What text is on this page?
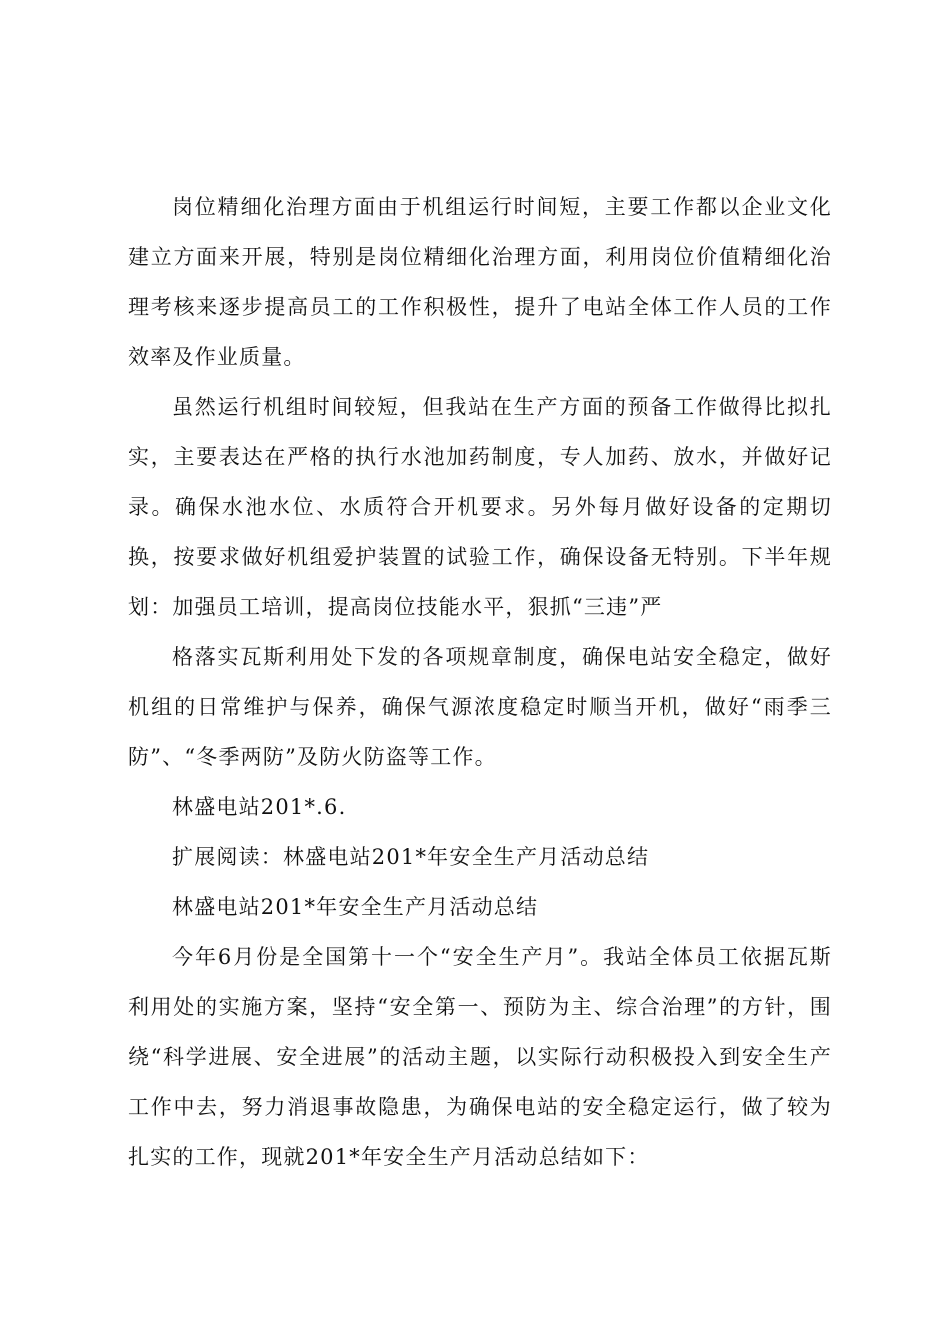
岗位精细化治理方面由于机组运行时间短，主要工作都以企业文化建立方面来开展，特别是岗位精细化治理方面，利用岗位价值精细化治理考核来逐步提高员工的工作积极性，提升了电站全体工作人员的工作效率及作业质量。

虽然运行机组时间较短，但我站在生产方面的预备工作做得比拟扎实，主要表达在严格的执行水池加药制度，专人加药、放水，并做好记录。确保水池水位、水质符合开机要求。另外每月做好设备的定期切换，按要求做好机组爱护装置的试验工作，确保设备无特别。下半年规划：加强员工培训，提高岗位技能水平，狠抓“三违”严

格落实瓦斯利用处下发的各项规章制度，确保电站安全稳定，做好机组的日常维护与保养，确保气源浓度稳定时顺当开机，做好“雨季三防”、“冬季两防”及防火防盗等工作。

林盛电站201*.6.

扩展阅读：林盛电站201*年安全生产月活动总结

林盛电站201*年安全生产月活动总结

今年6月份是全国第十一个“安全生产月”。我站全体员工依据瓦斯利用处的实施方案，坚持“安全第一、预防为主、综合治理”的方针，围绕“科学进展、安全进展”的活动主题，以实际行动积极投入到安全生产工作中去，努力消退事故隐患，为确保电站的安全稳定运行，做了较为扎实的工作，现就201*年安全生产月活动总结如下：
